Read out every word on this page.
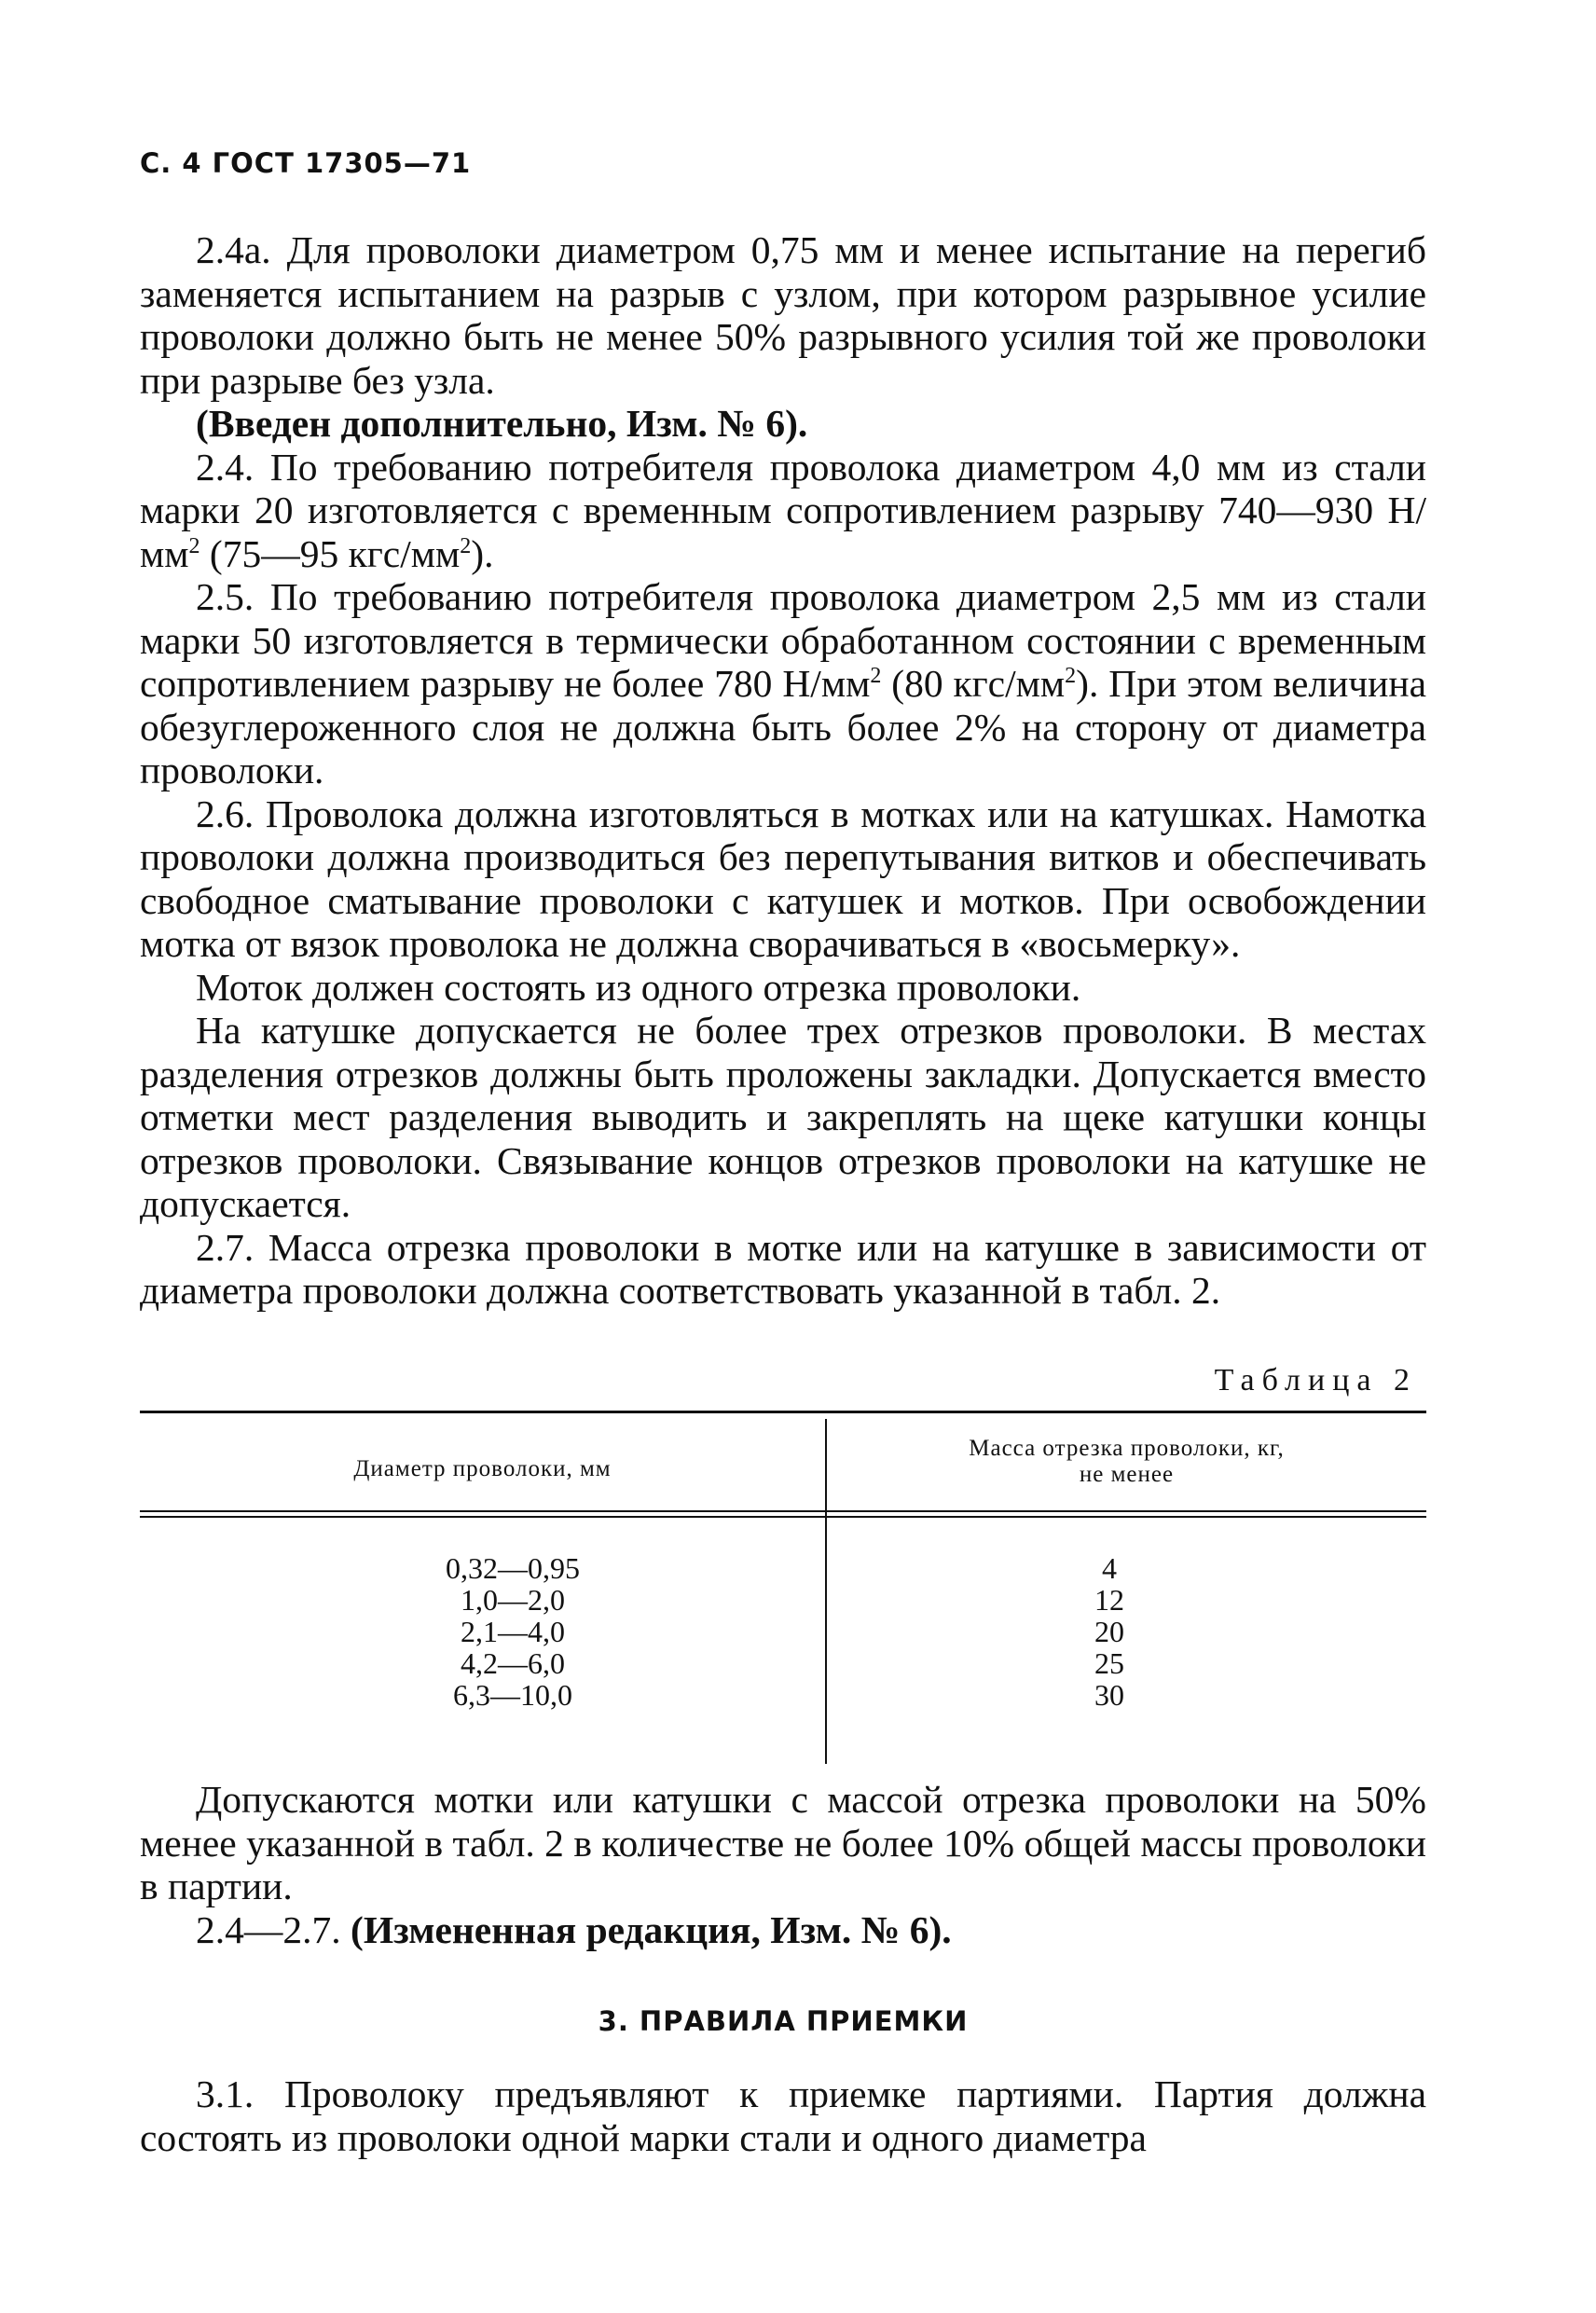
С. 4 ГОСТ 17305—71

2.4а. Для проволоки диаметром 0,75 мм и менее испытание на перегиб заменяется испытанием на разрыв с узлом, при котором разрывное усилие проволоки должно быть не менее 50% разрывного усилия той же проволоки при разрыве без узла.

(Введен дополнительно, Изм. № 6).

2.4. По требованию потребителя проволока диаметром 4,0 мм из стали марки 20 изготовляется с временным сопротивлением разрыву 740—930 $Н/мм^2$ (75—95 кгс/$мм^2$).

2.5. По требованию потребителя проволока диаметром 2,5 мм из стали марки 50 изготовляется в термически обработанном состоянии с временным сопротивлением разрыву не более 780 $Н/мм^2$ (80 кгс/$мм^2$). При этом величина обезуглероженного слоя не должна быть более 2% на сторону от диаметра проволоки.

2.6. Проволока должна изготовляться в мотках или на катушках. Намотка проволоки должна производиться без перепутывания витков и обеспечивать свободное сматывание проволоки с катушек и мотков. При освобождении мотка от вязок проволока не должна сворачиваться в «восьмерку».

Моток должен состоять из одного отрезка проволоки.

На катушке допускается не более трех отрезков проволоки. В местах разделения отрезков должны быть проложены закладки. Допускается вместо отметки мест разделения выводить и закреплять на щеке катушки концы отрезков проволоки. Связывание концов отрезков проволоки на катушке не допускается.

2.7. Масса отрезка проволоки в мотке или на катушке в зависимости от диаметра проволоки должна соответствовать указанной в табл. 2.

Таблица 2

Диаметр проволоки, мм

Масса отрезка проволоки, кг,
не менее
0,32—0,95
1,0—2,0
2,1—4,0
4,2—6,0
6,3—10,0
4
12
20
25
30

Допускаются мотки или катушки с массой отрезка проволоки на 50% менее указанной в табл. 2 в количестве не более 10% общей массы проволоки в партии.

2.4—2.7. (Измененная редакция, Изм. № 6).

3. ПРАВИЛА ПРИЕМКИ

3.1. Проволоку предъявляют к приемке партиями. Партия должна состоять из проволоки одной марки стали и одного диаметра
